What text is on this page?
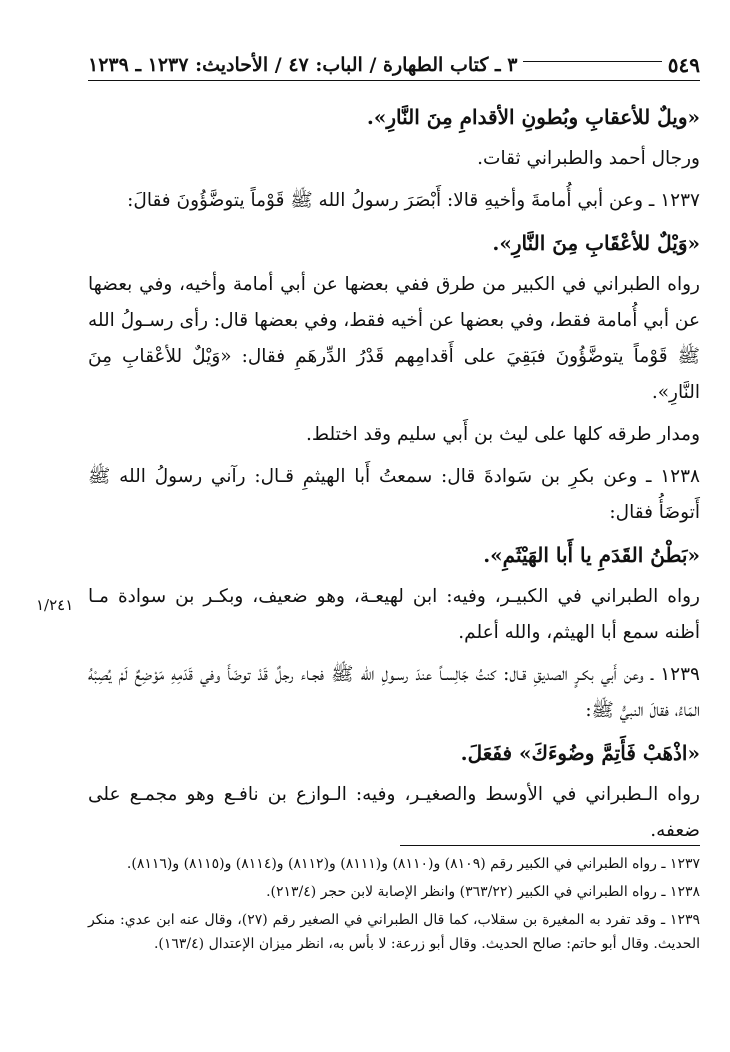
٥٤٩
٣ ـ كتاب الطهارة / الباب: ٤٧ / الأحاديث: ١٢٣٧ ـ ١٢٣٩

«ويلٌ للأعقابِ وبُطونِ الأقدامِ مِنَ النَّارِ».

ورجال أحمد والطبراني ثقات.

١٢٣٧ ـ وعن أبي أُمامةَ وأخيهِ قالا: أَبْصَرَ رسولُ الله ﷺ قَوْماً يتوضَّؤُونَ فقالَ:

«وَيْلٌ للأعْقَابِ مِنَ النَّارِ».

رواه الطبراني في الكبير من طرق ففي بعضها عن أبي أمامة وأخيه، وفي بعضها عن أبي أُمامة فقط، وفي بعضها عن أخيه فقط، وفي بعضها قال: رأى رسـولُ الله ﷺ قَوْماً يتوضَّؤُونَ فبَقِيَ على أَقدامِهم قَدْرُ الدِّرهَمِ فقال: «وَيْلٌ للأعْقابِ مِنَ النَّارِ».

ومدار طرقه كلها على ليث بن أَبي سليم وقد اختلط.

١٢٣٨ ـ وعن بكرِ بن سَوادةَ قال: سمعتُ أَبا الهيثمِ قـال: رآني رسولُ الله ﷺ أَتوضَأُ فقال:

«بَطْنُ القَدَمِ يا أَبا الهَيْثَمِ».

رواه الطبراني في الكبيـر، وفيه: ابن لهيعـة، وهو ضعيف، وبكـر بن سوادة مـا أظنه سمع أبا الهيثم، والله أعلم.

١٢٣٩ ـ وعن أَبي بكـرٍ الصديقِ قـال: كنتُ جَالِسـاً عندَ رسـولِ الله ﷺ فجـاء رجلٌ قَدْ توضَأَ وفي قَدَمِهِ مَوْضِعٌ لَمْ يُصِبْهُ المَاءُ، فقالَ النبيُّ ﷺ:

«اذْهَبْ فَأَتِمَّ وضُوءَكَ» ففَعَلَ.

رواه الـطبراني في الأوسط والصغيـر، وفيه: الـوازع بن نافـع وهو مجمـع على ضعفه.

١/٢٤١

١٢٣٧ ـ رواه الطبراني في الكبير رقم (٨١٠٩) و(٨١١٠) و(٨١١١) و(٨١١٢) و(٨١١٤) و(٨١١٥) و(٨١١٦).

١٢٣٨ ـ رواه الطبراني في الكبير (٣٦٣/٢٢) وانظر الإصابة لابن حجر (٢١٣/٤).

١٢٣٩ ـ وقد تفرد به المغيرة بن سقلاب، كما قال الطبراني في الصغير رقم (٢٧)، وقال عنه ابن عدي: منكر الحديث. وقال أبو حاتم: صالح الحديث. وقال أبو زرعة: لا بأس به، انظر ميزان الإعتدال (١٦٣/٤).
